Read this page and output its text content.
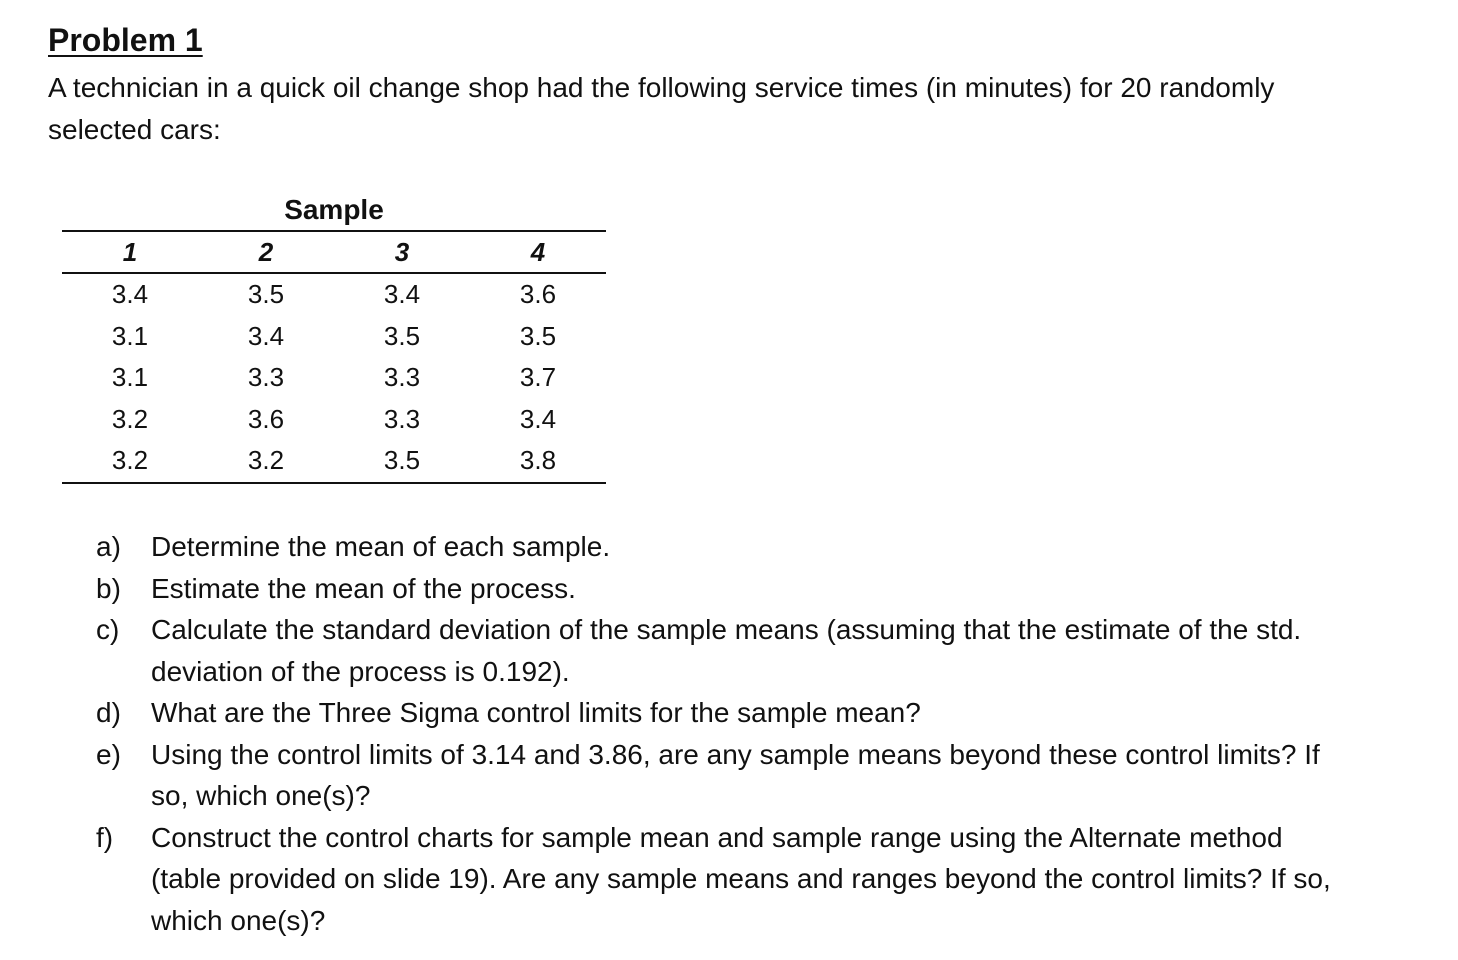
Problem 1
A technician in a quick oil change shop had the following service times (in minutes) for 20 randomly selected cars:
Sample
1	2	3	4
3.4	3.5	3.4	3.6
3.1	3.4	3.5	3.5
3.1	3.3	3.3	3.7
3.2	3.6	3.3	3.4
3.2	3.2	3.5	3.8
a)	Determine the mean of each sample.
b)	Estimate the mean of the process.
c)	Calculate the standard deviation of the sample means (assuming that the estimate of the std. deviation of the process is 0.192).
d)	What are the Three Sigma control limits for the sample mean?
e)	Using the control limits of 3.14 and 3.86, are any sample means beyond these control limits? If so, which one(s)?
f)	Construct the control charts for sample mean and sample range using the Alternate method (table provided on slide 19). Are any sample means and ranges beyond the control limits? If so, which one(s)?
